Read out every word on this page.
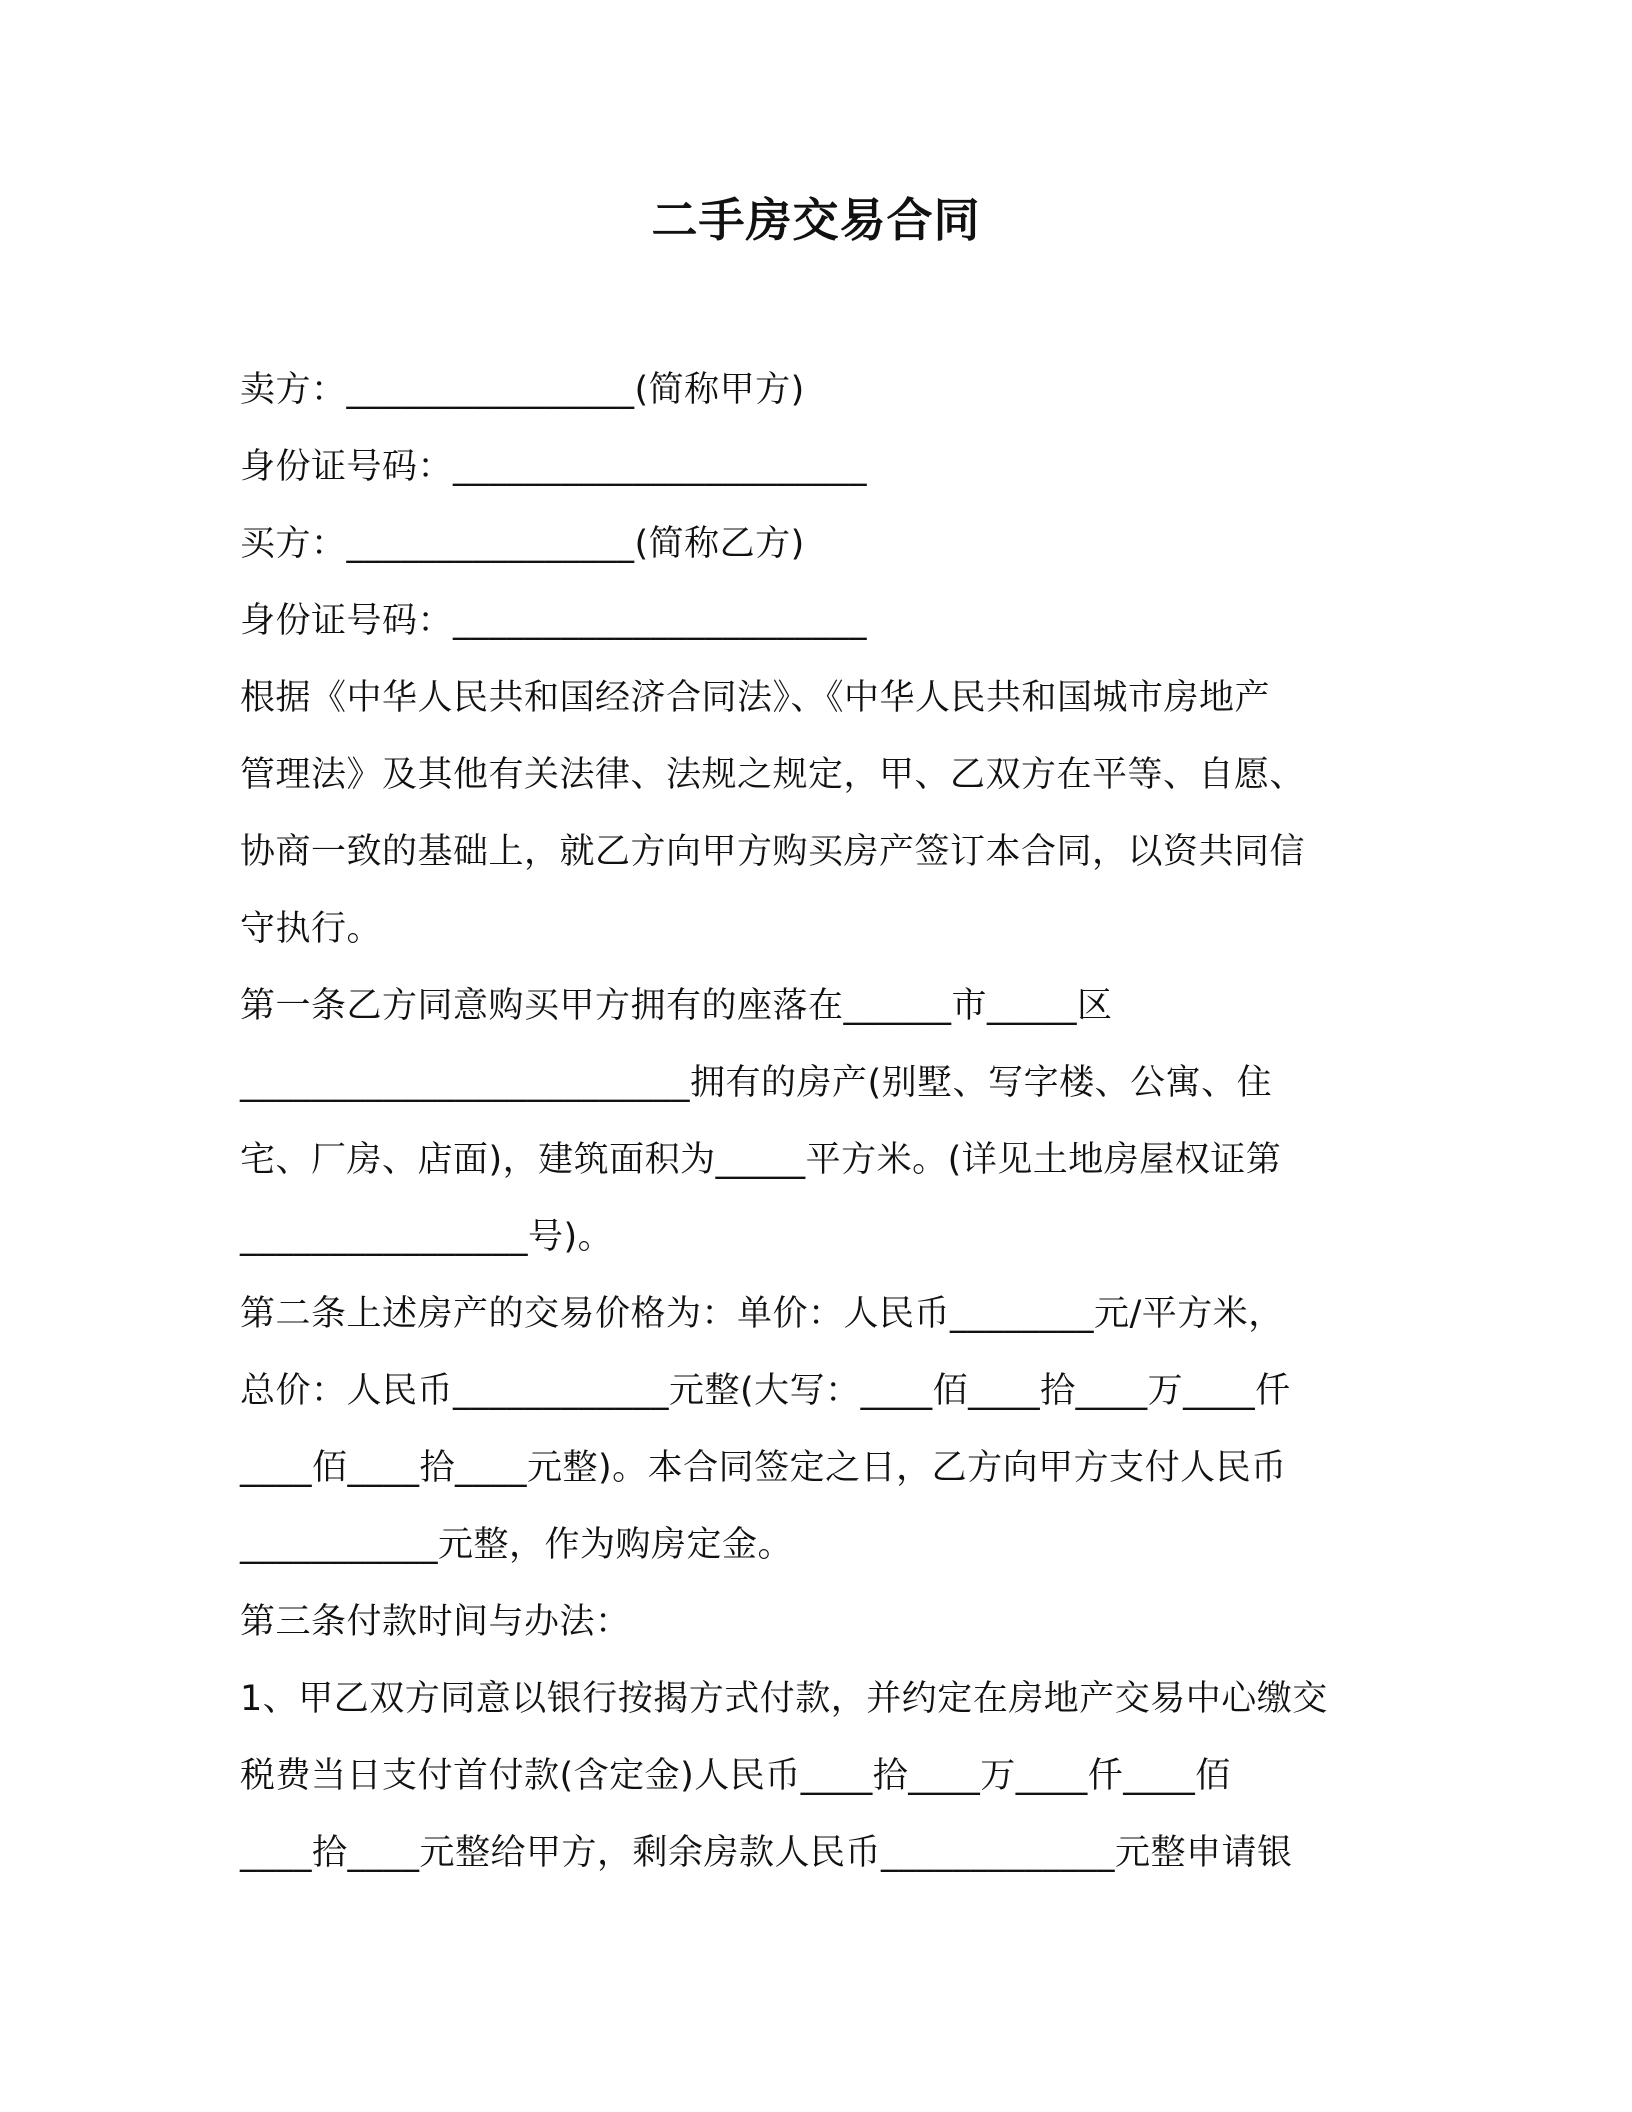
二手房交易合同
卖方：________________(简称甲方)
身份证号码：_______________________
买方：________________(简称乙方)
身份证号码：_______________________
根据《中华人民共和国经济合同法》、《中华人民共和国城市房地产
管理法》及其他有关法律、法规之规定，甲、乙双方在平等、自愿、
协商一致的基础上，就乙方向甲方购买房产签订本合同，以资共同信
守执行。
第一条乙方同意购买甲方拥有的座落在______市_____区
_________________________拥有的房产(别墅、写字楼、公寓、住
宅、厂房、店面)，建筑面积为_____平方米。(详见土地房屋权证第
________________号)。
第二条上述房产的交易价格为：单价：人民币________元/平方米，
总价：人民币____________元整(大写：____佰____拾____万____仟
____佰____拾____元整)。本合同签定之日，乙方向甲方支付人民币
___________元整，作为购房定金。
第三条付款时间与办法：
1、甲乙双方同意以银行按揭方式付款，并约定在房地产交易中心缴交
税费当日支付首付款(含定金)人民币____拾____万____仟____佰
____拾____元整给甲方，剩余房款人民币_____________元整申请银
